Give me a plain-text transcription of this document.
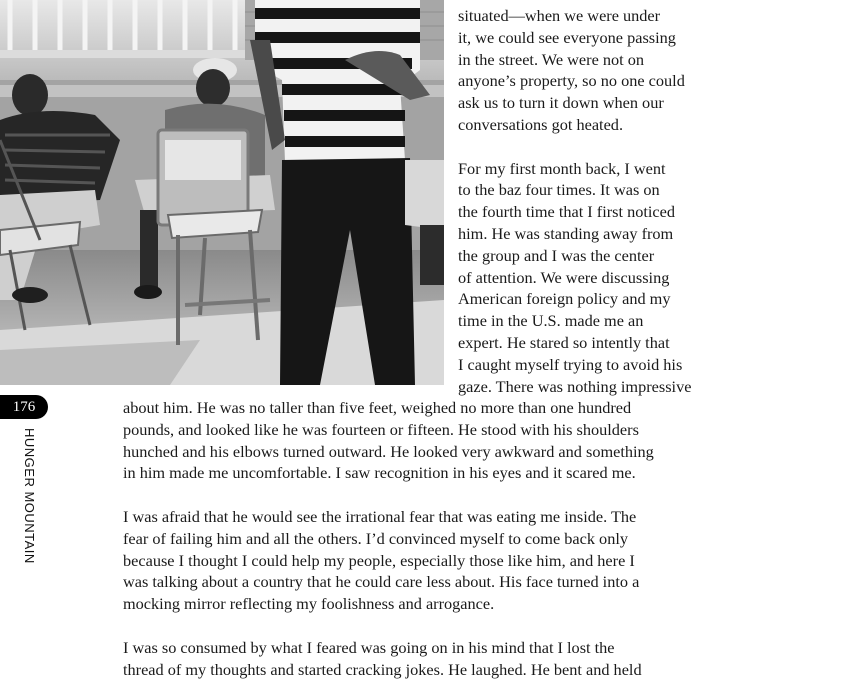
situated—when we were under

it, we could see everyone passing

in the street. We were not on

anyone’s property, so no one could

ask us to turn it down when our

conversations got heated.

For my first month back, I went

to the baz four times. It was on

the fourth time that I first noticed

him. He was standing away from

the group and I was the center

of attention. We were discussing

American foreign policy and my

time in the U.S. made me an

expert. He stared so intently that

I caught myself trying to avoid his

gaze. There was nothing impressive

176
HUNGER MOUNTAIN

about him. He was no taller than five feet, weighed no more than one hundred

pounds, and looked like he was fourteen or fifteen. He stood with his shoulders

hunched and his elbows turned outward. He looked very awkward and something

in him made me uncomfortable. I saw recognition in his eyes and it scared me.

I was afraid that he would see the irrational fear that was eating me inside. The

fear of failing him and all the others. I’d convinced myself to come back only

because I thought I could help my people, especially those like him, and here I

was talking about a country that he could care less about. His face turned into a

mocking mirror reflecting my foolishness and arrogance.

I was so consumed by what I feared was going on in his mind that I lost the

thread of my thoughts and started cracking jokes. He laughed. He bent and held
